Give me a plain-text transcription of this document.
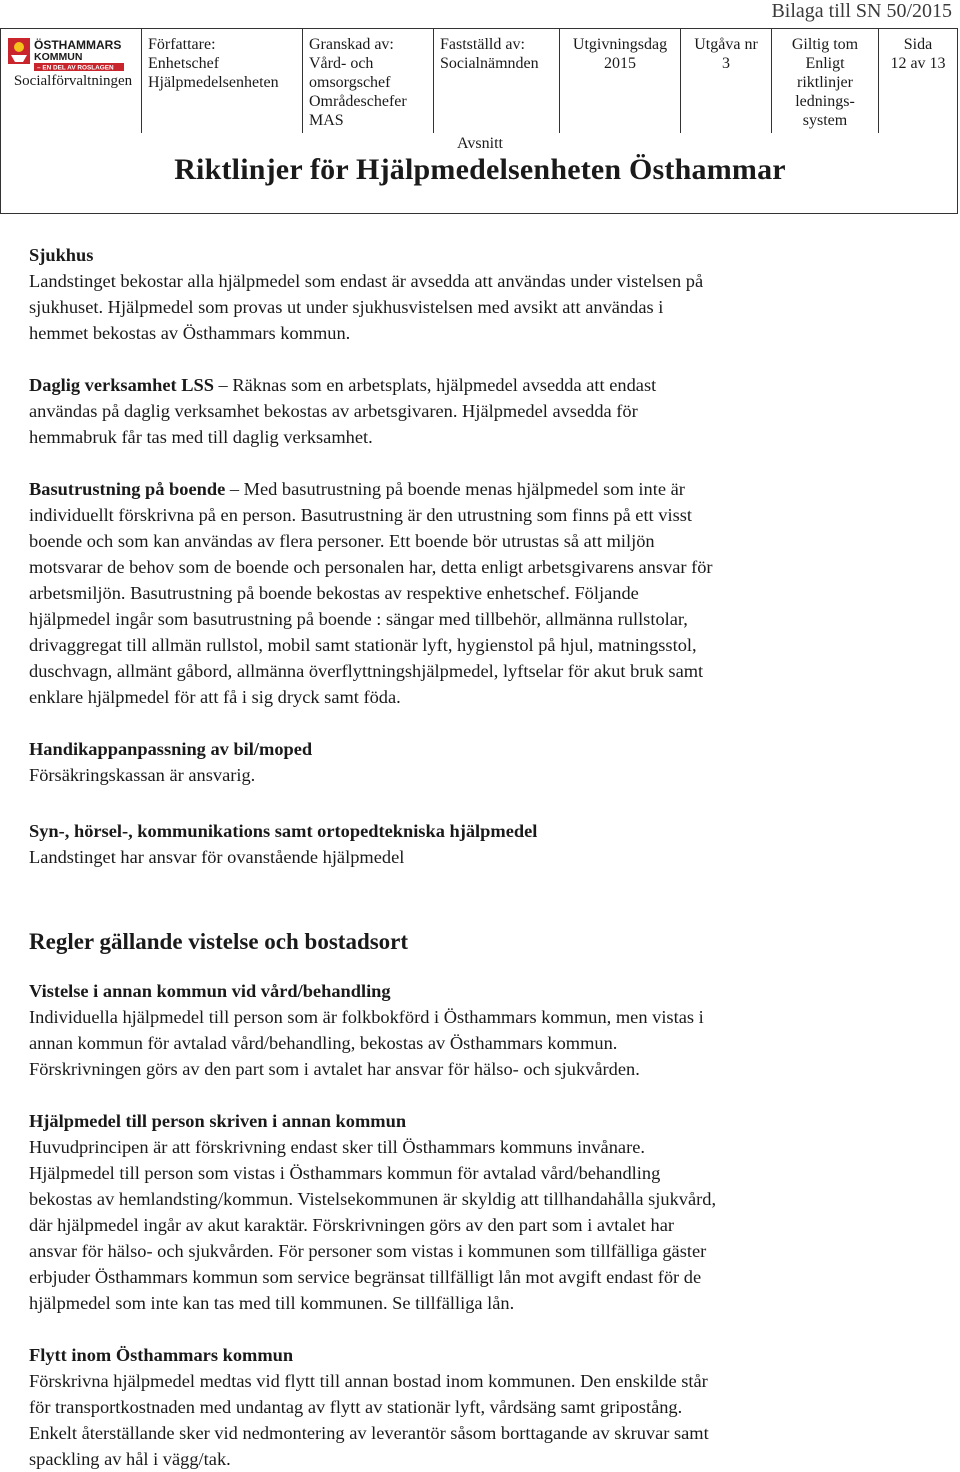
Bilaga till SN 50/2015
ÖSTHAMMARS
KOMMUN
– EN DEL AV ROSLAGEN
Socialförvaltningen
Författare:
Enhetschef
Hjälpmedelsenheten
Granskad av:
Vård- och
omsorgschef
Områdeschefer
MAS
Fastställd av:
Socialnämnden
Utgivningsdag
2015
Utgåva nr
3
Giltig tom
Enligt
riktlinjer
lednings-
system
Sida
12 av 13
Avsnitt
Riktlinjer för Hjälpmedelsenheten Östhammar
Sjukhus

Landstinget bekostar alla hjälpmedel som endast är avsedda att användas under vistelsen på

sjukhuset. Hjälpmedel som provas ut under sjukhusvistelsen med avsikt att användas i

hemmet bekostas av Östhammars kommun.

Daglig verksamhet LSS – Räknas som en arbetsplats, hjälpmedel avsedda att endast

användas på daglig verksamhet bekostas av arbetsgivaren. Hjälpmedel avsedda för

hemmabruk får tas med till daglig verksamhet.

Basutrustning på boende – Med basutrustning på boende menas hjälpmedel som inte är

individuellt förskrivna på en person. Basutrustning är den utrustning som finns på ett visst

boende och som kan användas av flera personer. Ett boende bör utrustas så att miljön

motsvarar de behov som de boende och personalen har, detta enligt arbetsgivarens ansvar för

arbetsmiljön. Basutrustning på boende bekostas av respektive enhetschef. Följande

hjälpmedel ingår som basutrustning på boende : sängar med tillbehör, allmänna rullstolar,

drivaggregat till allmän rullstol, mobil samt stationär lyft, hygienstol på hjul, matningsstol,

duschvagn, allmänt gåbord, allmänna överflyttningshjälpmedel, lyftselar för akut bruk samt

enklare hjälpmedel för att få i sig dryck samt föda.

Handikappanpassning av bil/moped

Försäkringskassan är ansvarig.

Syn-, hörsel-, kommunikations samt ortopedtekniska hjälpmedel

Landstinget har ansvar för ovanstående hjälpmedel

Regler gällande vistelse och bostadsort
Vistelse i annan kommun vid vård/behandling

Individuella hjälpmedel till person som är folkbokförd i Östhammars kommun, men vistas i

annan kommun för avtalad vård/behandling, bekostas av Östhammars kommun.

Förskrivningen görs av den part som i avtalet har ansvar för hälso- och sjukvården.

Hjälpmedel till person skriven i annan kommun

Huvudprincipen är att förskrivning endast sker till Östhammars kommuns invånare.

Hjälpmedel till person som vistas i Östhammars kommun för avtalad vård/behandling

bekostas av hemlandsting/kommun. Vistelsekommunen är skyldig att tillhandahålla sjukvård,

där hjälpmedel ingår av akut karaktär. Förskrivningen görs av den part som i avtalet har

ansvar för hälso- och sjukvården. För personer som vistas i kommunen som tillfälliga gäster

erbjuder Östhammars kommun som service begränsat tillfälligt lån mot avgift endast för de

hjälpmedel som inte kan tas med till kommunen. Se tillfälliga lån.

Flytt inom Östhammars kommun

Förskrivna hjälpmedel medtas vid flytt till annan bostad inom kommunen. Den enskilde står

för transportkostnaden med undantag av flytt av stationär lyft, vårdsäng samt gripostång.

Enkelt återställande sker vid nedmontering av leverantör såsom borttagande av skruvar samt

spackling av hål i vägg/tak.
